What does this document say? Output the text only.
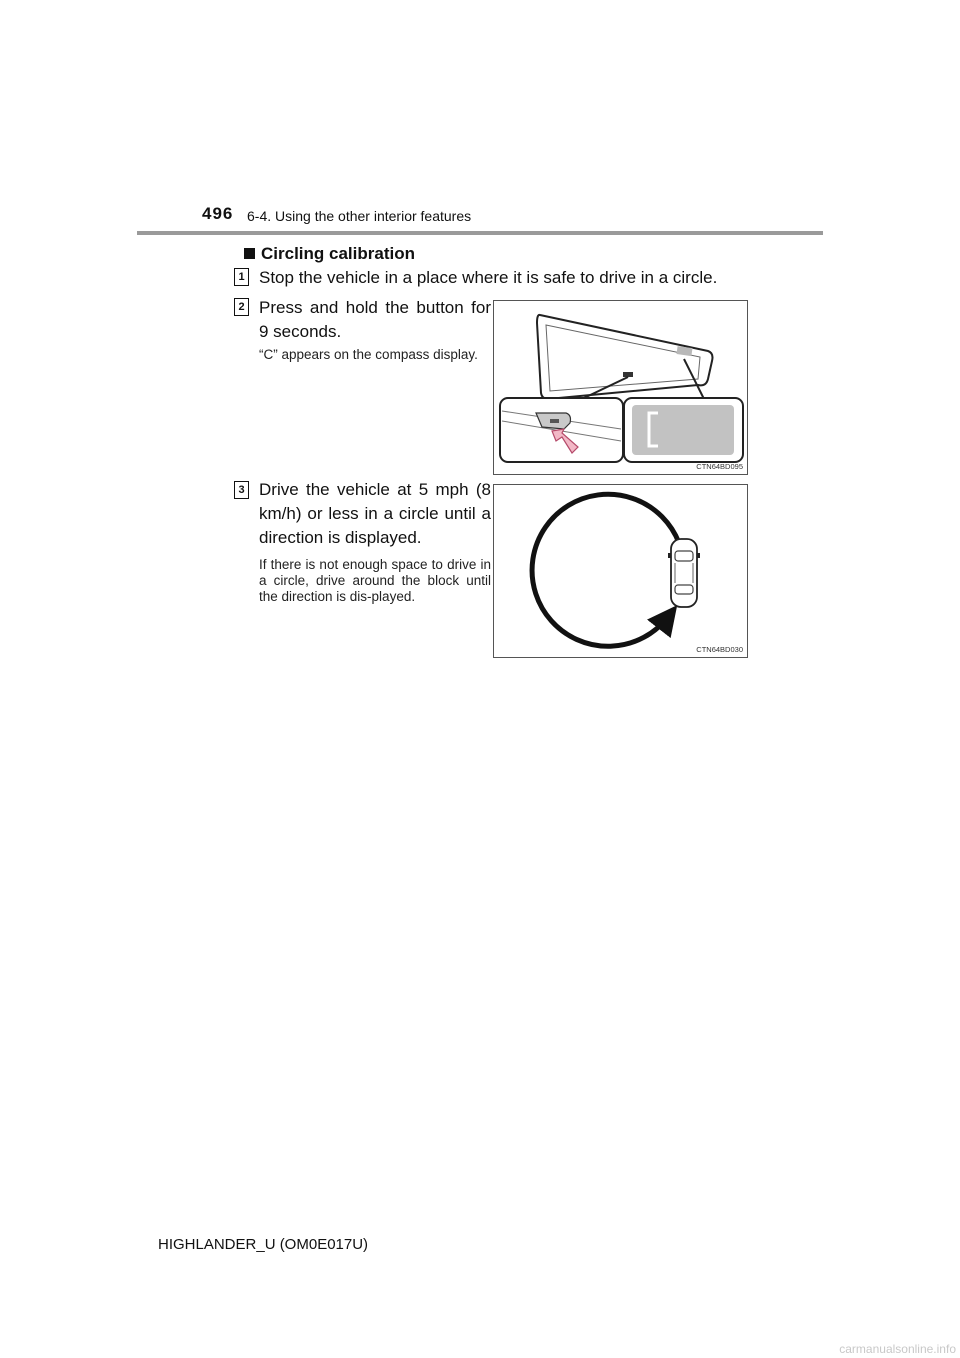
496 6-4. Using the other interior features
Circling calibration
1 Stop the vehicle in a place where it is safe to drive in a circle.
2 Press and hold the button for 9 seconds.
“C” appears on the compass display.
CTN64BD095
3 Drive the vehicle at 5 mph (8 km/h) or less in a circle until a direction is displayed.
If there is not enough space to drive in a circle, drive around the block until the direction is dis-played.
CTN64BD030
HIGHLANDER_U (OM0E017U)
carmanualsonline.info
